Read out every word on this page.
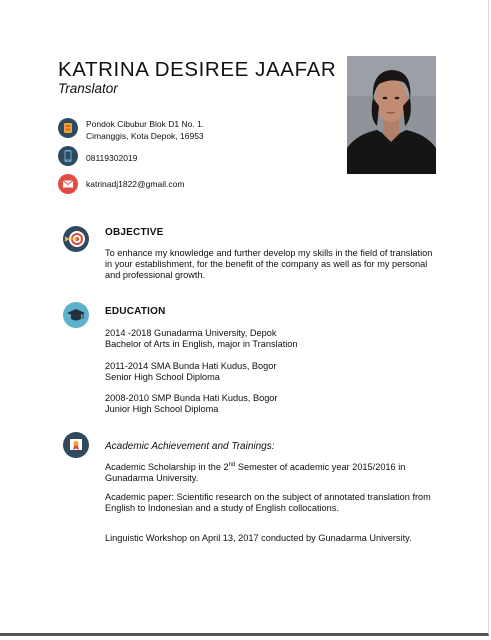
KATRINA DESIREE JAAFAR
Translator
Pondok Cibubur Blok D1 No. 1.
Cimanggis, Kota Depok, 16953
08119302019
katrinadj1822@gmail.com
OBJECTIVE
To enhance my knowledge and further develop my skills in the field of translation in your establishment, for the benefit of the company as well as for my personal and professional growth.
EDUCATION
2014 -2018 Gunadarma University, Depok
Bachelor of Arts in English, major in Translation
2011-2014 SMA Bunda Hati Kudus, Bogor
Senior High School Diploma
2008-2010 SMP Bunda Hati Kudus, Bogor
Junior High School Diploma
Academic Achievement and Trainings:
Academic Scholarship in the 2nd Semester of academic year 2015/2016 in Gunadarma University.
Academic paper: Scientific research on the subject of annotated translation from English to Indonesian and a study of English collocations.
Linguistic Workshop on April 13, 2017 conducted by Gunadarma University.
